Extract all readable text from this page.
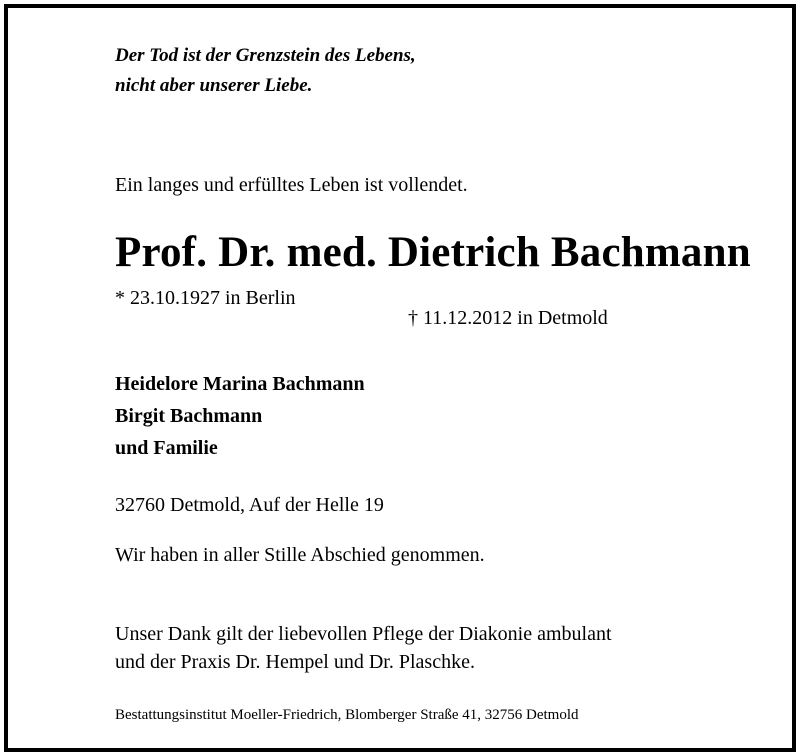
Der Tod ist der Grenzstein des Lebens,

nicht aber unserer Liebe.

Ein langes und erfülltes Leben ist vollendet.

Prof. Dr. med. Dietrich Bachmann

* 23.10.1927 in Berlin

† 11.12.2012 in Detmold

Heidelore Marina Bachmann

Birgit Bachmann

und Familie

32760 Detmold, Auf der Helle 19

Wir haben in aller Stille Abschied genommen.

Unser Dank gilt der liebevollen Pflege der Diakonie ambulant

und der Praxis Dr. Hempel und Dr. Plaschke.

Bestattungsinstitut Moeller-Friedrich, Blomberger Straße 41, 32756 Detmold
